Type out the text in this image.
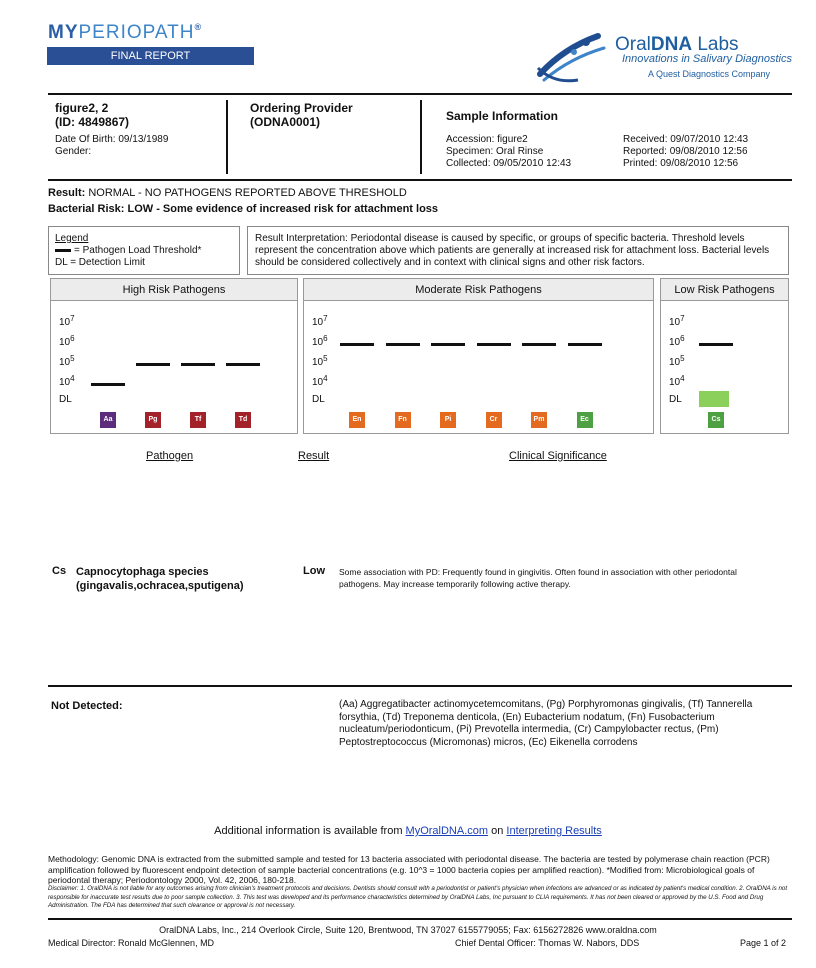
MYPERIOPATH®
FINAL REPORT
OralDNA Labs
Innovations in Salivary Diagnostics
A Quest Diagnostics Company
figure2, 2
(ID: 4849867)
Date Of Birth: 09/13/1989
Gender:
Ordering Provider
(ODNA0001)	Sample Information
Accession: figure2
Specimen: Oral Rinse
Collected: 09/05/2010 12:43
Received: 09/07/2010 12:43
Reported: 09/08/2010 12:56
Printed: 09/08/2010 12:56
Result: NORMAL - NO PATHOGENS REPORTED ABOVE THRESHOLD
Bacterial Risk: LOW - Some evidence of increased risk for attachment loss
Legend
= Pathogen Load Threshold*
DL = Detection Limit
Result Interpretation: Periodontal disease is caused by specific, or groups of specific bacteria. Threshold levels represent the concentration above which patients are generally at increased risk for attachment loss. Bacterial levels should be considered collectively and in context with clinical signs and other risk factors.
High Risk Pathogens
DL
$10^4$
$10^5$
$10^6$
$10^7$
Aa	Pg	Tf	Td
Moderate Risk Pathogens
DL
$10^4$
$10^5$
$10^6$
$10^7$
En	Fn	Pi	Cr	Pm	Ec
Low Risk Pathogens
DL
$10^4$
$10^5$
$10^6$
$10^7$
Cs
Pathogen	Result	Clinical Significance
Cs Capnocytophaga species
(gingavalis,ochracea,sputigena)
Low Some association with PD: Frequently found in gingivitis. Often found in association with other periodontal pathogens. May increase temporarily following active therapy.
Not Detected:	(Aa) Aggregatibacter actinomycetemcomitans, (Pg) Porphyromonas gingivalis, (Tf) Tannerella forsythia, (Td) Treponema denticola, (En) Eubacterium nodatum, (Fn) Fusobacterium nucleatum/periodonticum, (Pi) Prevotella intermedia, (Cr) Campylobacter rectus, (Pm) Peptostreptococcus (Micromonas) micros, (Ec) Eikenella corrodens
Additional information is available from MyOralDNA.com on Interpreting Results
Methodology: Genomic DNA is extracted from the submitted sample and tested for 13 bacteria associated with periodontal disease. The bacteria are tested by polymerase chain reaction (PCR) amplification followed by fluorescent endpoint detection of sample bacterial concentrations (e.g. 10^3 = 1000 bacteria copies per amplified reaction). *Modified from: Microbiological goals of periodontal therapy; Periodontology 2000, Vol. 42, 2006, 180-218.
Disclaimer: 1. OralDNA is not liable for any outcomes arising from clinician's treatment protocols and decisions. Dentists should consult with a periodontist or patient's physician when infections are advanced or as indicated by patient's medical condition. 2. OralDNA is not responsible for inaccurate test results due to poor sample collection. 3. This test was developed and its performance characteristics determined by OralDNA Labs, Inc pursuant to CLIA requirements. It has not been cleared or approved by the U.S. Food and Drug Administration. The FDA has determined that such clearance or approval is not necessary.
OralDNA Labs, Inc., 214 Overlook Circle, Suite 120, Brentwood, TN 37027 6155779055; Fax: 6156272826 www.oraldna.com
Medical Director: Ronald McGlennen, MD	Chief Dental Officer: Thomas W. Nabors, DDS	Page 1 of 2
